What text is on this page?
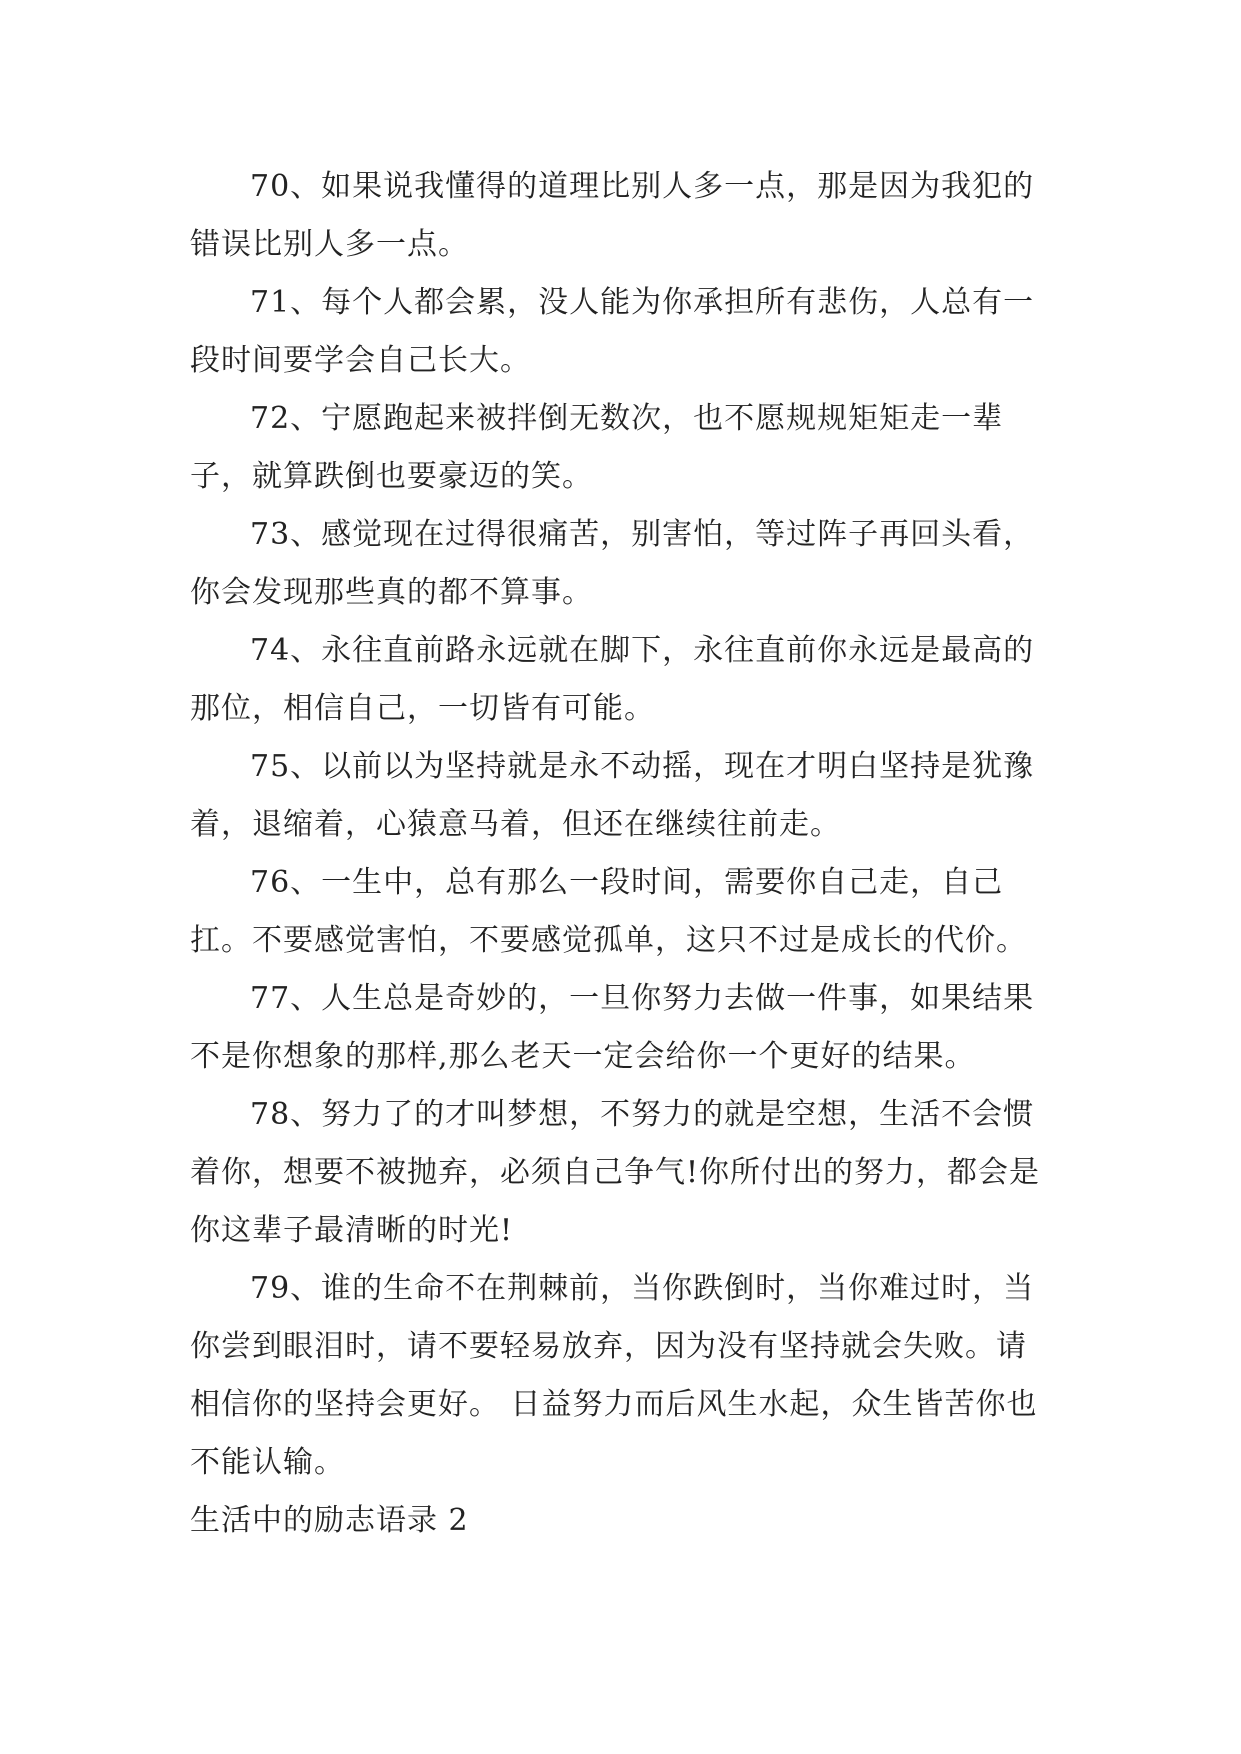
70、如果说我懂得的道理比别人多一点，那是因为我犯的错误比别人多一点。

71、每个人都会累，没人能为你承担所有悲伤，人总有一段时间要学会自己长大。

72、宁愿跑起来被拌倒无数次，也不愿规规矩矩走一辈子，就算跌倒也要豪迈的笑。

73、感觉现在过得很痛苦，别害怕，等过阵子再回头看，你会发现那些真的都不算事。

74、永往直前路永远就在脚下，永往直前你永远是最高的那位，相信自己，一切皆有可能。

75、以前以为坚持就是永不动摇，现在才明白坚持是犹豫着，退缩着，心猿意马着，但还在继续往前走。

76、一生中，总有那么一段时间，需要你自己走，自己扛。不要感觉害怕，不要感觉孤单，这只不过是成长的代价。

77、人生总是奇妙的，一旦你努力去做一件事，如果结果不是你想象的那样,那么老天一定会给你一个更好的结果。

78、努力了的才叫梦想，不努力的就是空想，生活不会惯着你，想要不被抛弃，必须自己争气!你所付出的努力，都会是你这辈子最清晰的时光!

79、谁的生命不在荆棘前，当你跌倒时，当你难过时，当你尝到眼泪时，请不要轻易放弃，因为没有坚持就会失败。请相信你的坚持会更好。 日益努力而后风生水起，众生皆苦你也不能认输。

生活中的励志语录 2
